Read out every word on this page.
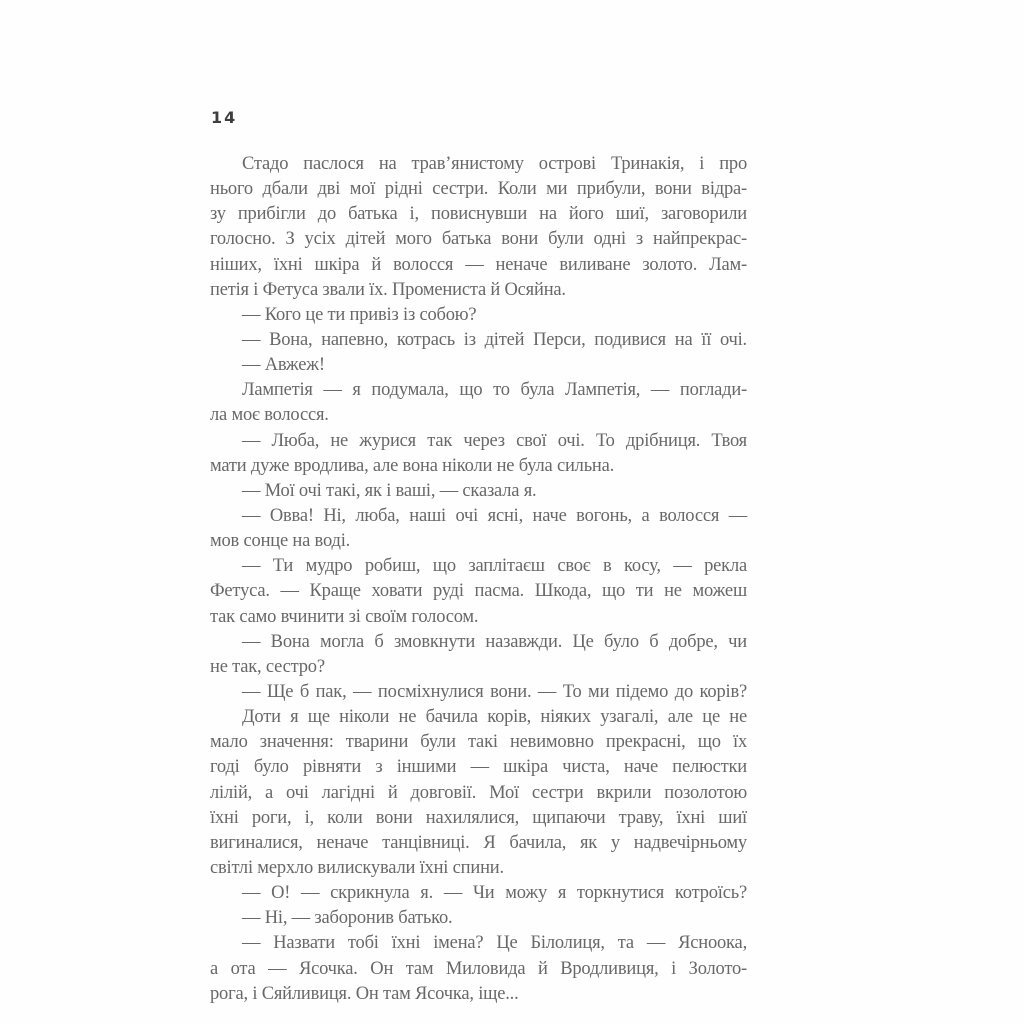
14
Стадо паслося на трав’янистому острові Тринакія, і про
нього дбали дві мої рідні сестри. Коли ми прибули, вони відра-
зу прибігли до батька і, повиснувши на його шиї, заговорили
голосно. З усіх дітей мого батька вони були одні з найпрекрас-
ніших, їхні шкіра й волосся — неначе виливане золото. Лам-
петія і Фетуса звали їх. Промениста й Осяйна.
— Кого це ти привіз із собою?
— Вона, напевно, котрась із дітей Перси, подивися на її очі.
— Авжеж!
Лампетія — я подумала, що то була Лампетія, — поглади-
ла моє волосся.
— Люба, не журися так через свої очі. То дрібниця. Твоя
мати дуже вродлива, але вона ніколи не була сильна.
— Мої очі такі, як і ваші, — сказала я.
— Овва! Ні, люба, наші очі ясні, наче вогонь, а волосся —
мов сонце на воді.
— Ти мудро робиш, що заплітаєш своє в косу, — рекла
Фетуса. — Краще ховати руді пасма. Шкода, що ти не можеш
так само вчинити зі своїм голосом.
— Вона могла б змовкнути назавжди. Це було б добре, чи
не так, сестро?
— Ще б пак, — посміхнулися вони. — То ми підемо до корів?
Доти я ще ніколи не бачила корів, ніяких узагалі, але це не
мало значення: тварини були такі невимовно прекрасні, що їх
годі було рівняти з іншими — шкіра чиста, наче пелюстки
лілій, а очі лагідні й довговії. Мої сестри вкрили позолотою
їхні роги, і, коли вони нахилялися, щипаючи траву, їхні шиї
вигиналися, неначе танцівниці. Я бачила, як у надвечірньому
світлі мерхло вилискували їхні спини.
— О! — скрикнула я. — Чи можу я торкнутися котроїсь?
— Ні, — заборонив батько.
— Назвати тобі їхні імена? Це Білолиця, та — Ясноока,
а ота — Ясочка. Он там Миловида й Вродливиця, і Золото-
рога, і Сяйливиця. Он там Ясочка, іще...
